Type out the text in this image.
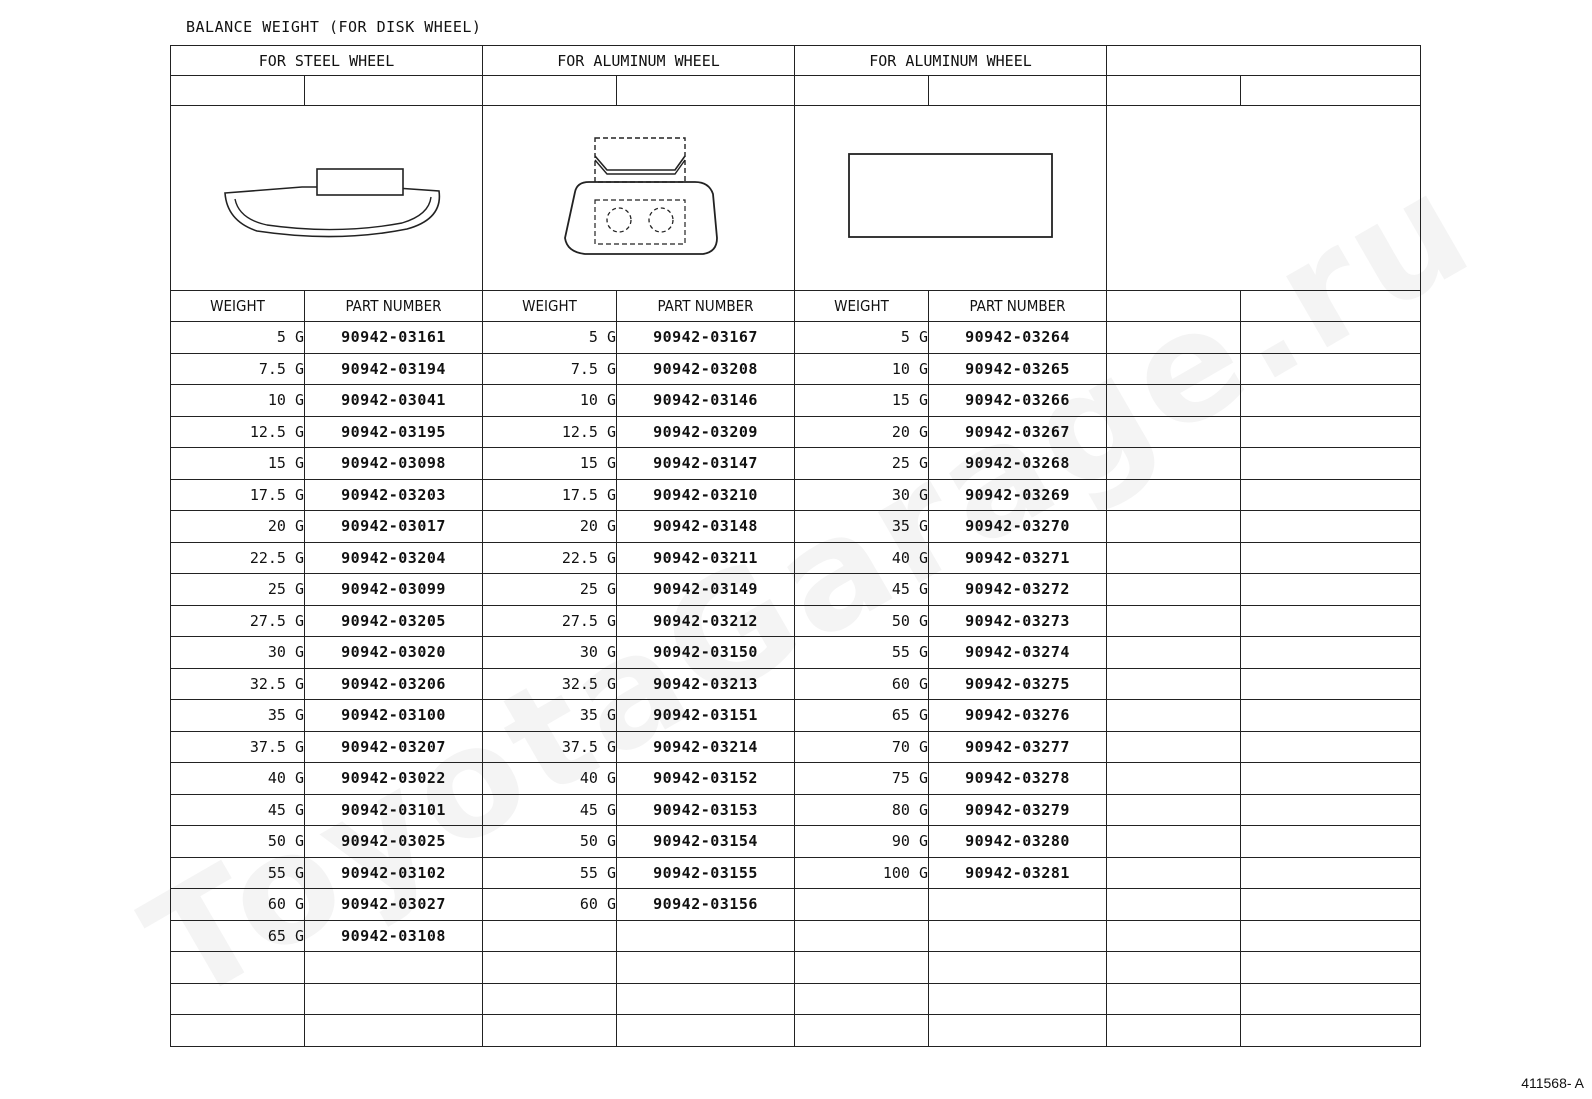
BALANCE WEIGHT (FOR DISK WHEEL)
FOR STEEL WHEEL		FOR ALUMINUM WHEEL		FOR ALUMINUM WHEEL			

WEIGHT	PART NUMBER	WEIGHT	PART NUMBER	WEIGHT	PART NUMBER		
5 G	90942-03161	5 G	90942-03167	5 G	90942-03264		
7.5 G	90942-03194	7.5 G	90942-03208	10 G	90942-03265		
10 G	90942-03041	10 G	90942-03146	15 G	90942-03266		
12.5 G	90942-03195	12.5 G	90942-03209	20 G	90942-03267		
15 G	90942-03098	15 G	90942-03147	25 G	90942-03268		
17.5 G	90942-03203	17.5 G	90942-03210	30 G	90942-03269		
20 G	90942-03017	20 G	90942-03148	35 G	90942-03270		
22.5 G	90942-03204	22.5 G	90942-03211	40 G	90942-03271		
25 G	90942-03099	25 G	90942-03149	45 G	90942-03272		
27.5 G	90942-03205	27.5 G	90942-03212	50 G	90942-03273		
30 G	90942-03020	30 G	90942-03150	55 G	90942-03274		
32.5 G	90942-03206	32.5 G	90942-03213	60 G	90942-03275		
35 G	90942-03100	35 G	90942-03151	65 G	90942-03276		
37.5 G	90942-03207	37.5 G	90942-03214	70 G	90942-03277		
40 G	90942-03022	40 G	90942-03152	75 G	90942-03278		
45 G	90942-03101	45 G	90942-03153	80 G	90942-03279		
50 G	90942-03025	50 G	90942-03154	90 G	90942-03280		
55 G	90942-03102	55 G	90942-03155	100 G	90942-03281		
60 G	90942-03027	60 G	90942-03156				
65 G	90942-03108						

411568- A
